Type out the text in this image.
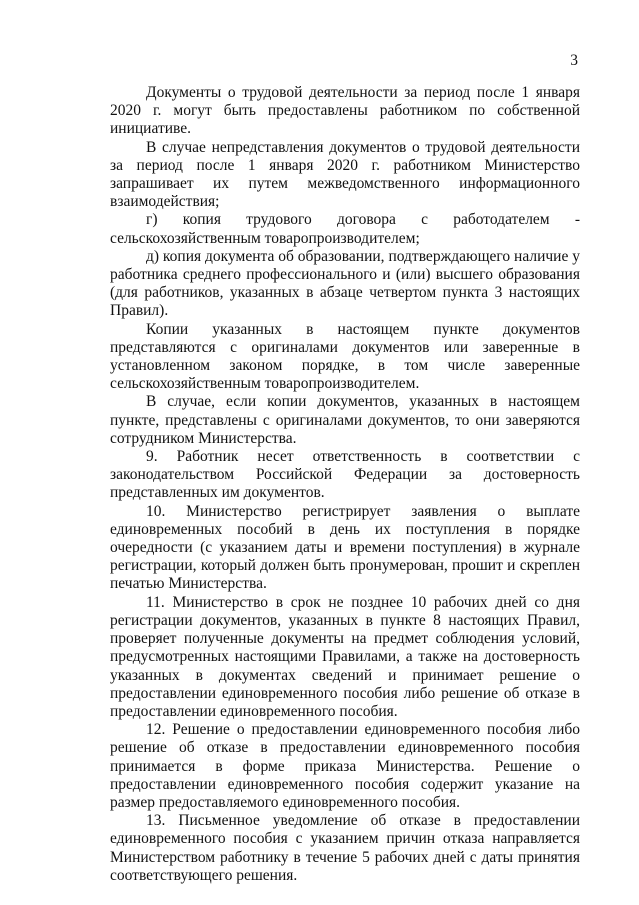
3

Документы о трудовой деятельности за период после 1 января 2020 г. могут быть предоставлены работником по собственной инициативе.

В случае непредставления документов о трудовой деятельности за период после 1 января 2020 г. работником Министерство запрашивает их путем межведомственного информационного взаимодействия;

г) копия трудового договора с работодателем - сельскохозяйственным товаропроизводителем;

д) копия документа об образовании, подтверждающего наличие у работника среднего профессионального и (или) высшего образования (для работников, указанных в абзаце четвертом пункта 3 настоящих Правил).

Копии указанных в настоящем пункте документов представляются с оригиналами документов или заверенные в установленном законом порядке, в том числе заверенные сельскохозяйственным товаропроизводителем.

В случае, если копии документов, указанных в настоящем пункте, представлены с оригиналами документов, то они заверяются сотрудником Министерства.

9. Работник несет ответственность в соответствии с законодательством Российской Федерации за достоверность представленных им документов.

10. Министерство регистрирует заявления о выплате единовременных пособий в день их поступления в порядке очередности (с указанием даты и времени поступления) в журнале регистрации, который должен быть пронумерован, прошит и скреплен печатью Министерства.

11. Министерство в срок не позднее 10 рабочих дней со дня регистрации документов, указанных в пункте 8 настоящих Правил, проверяет полученные документы на предмет соблюдения условий, предусмотренных настоящими Правилами, а также на достоверность указанных в документах сведений и принимает решение о предоставлении единовременного пособия либо решение об отказе в предоставлении единовременного пособия.

12. Решение о предоставлении единовременного пособия либо решение об отказе в предоставлении единовременного пособия принимается в форме приказа Министерства. Решение о предоставлении единовременного пособия содержит указание на размер предоставляемого единовременного пособия.

13. Письменное уведомление об отказе в предоставлении единовременного пособия с указанием причин отказа направляется Министерством работнику в течение 5 рабочих дней с даты принятия соответствующего решения.
